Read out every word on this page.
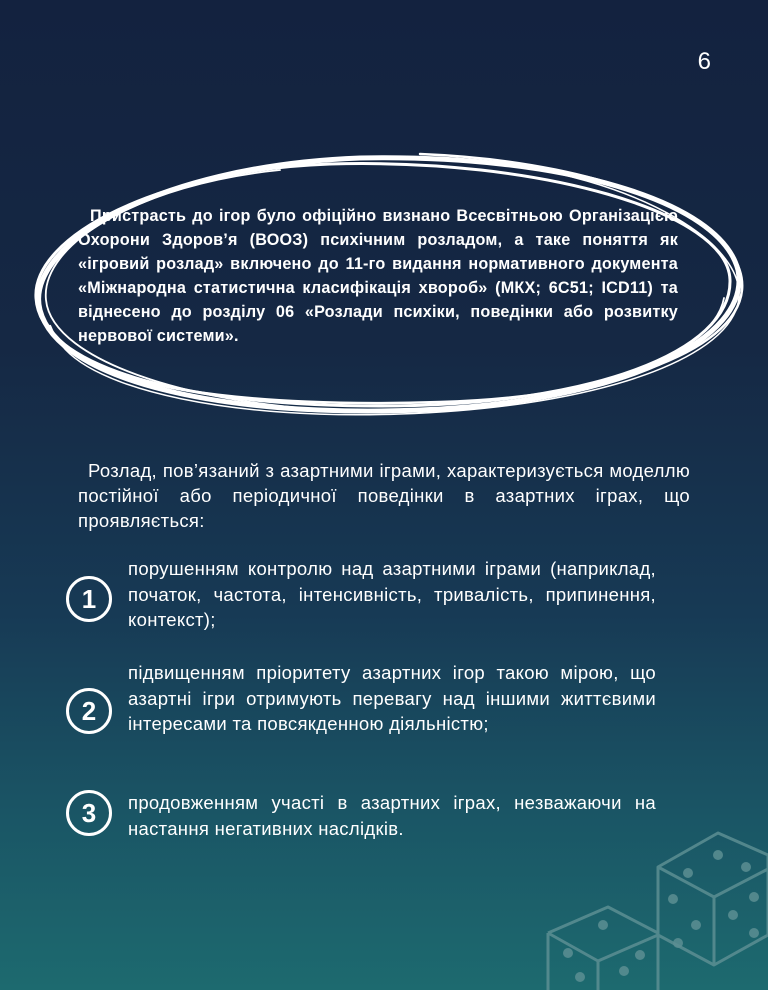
6

Пристрасть до ігор було офіційно визнано Всесвітньою Організацією Охорони Здоров’я (ВООЗ) психічним розладом, а таке поняття як «ігровий розлад» включено до 11-го видання нормативного документа «Міжнародна статистична класифікація хвороб» (МКХ; 6С51; ICD11) та віднесено до розділу 06 «Розлади психіки, поведінки або розвитку нервової системи».

Розлад, пов’язаний з азартними іграми, характеризується моделлю постійної або періодичної поведінки в азартних іграх, що проявляється:

1

порушенням контролю над азартними іграми (наприклад, початок, частота, інтенсивність, тривалість, припинення, контекст);

2

підвищенням пріоритету азартних ігор такою мірою, що азартні ігри отримують перевагу над іншими життєвими інтересами та повсякденною діяльністю;

3	продовженням участі в азартних іграх, незважаючи на настання негативних наслідків.
